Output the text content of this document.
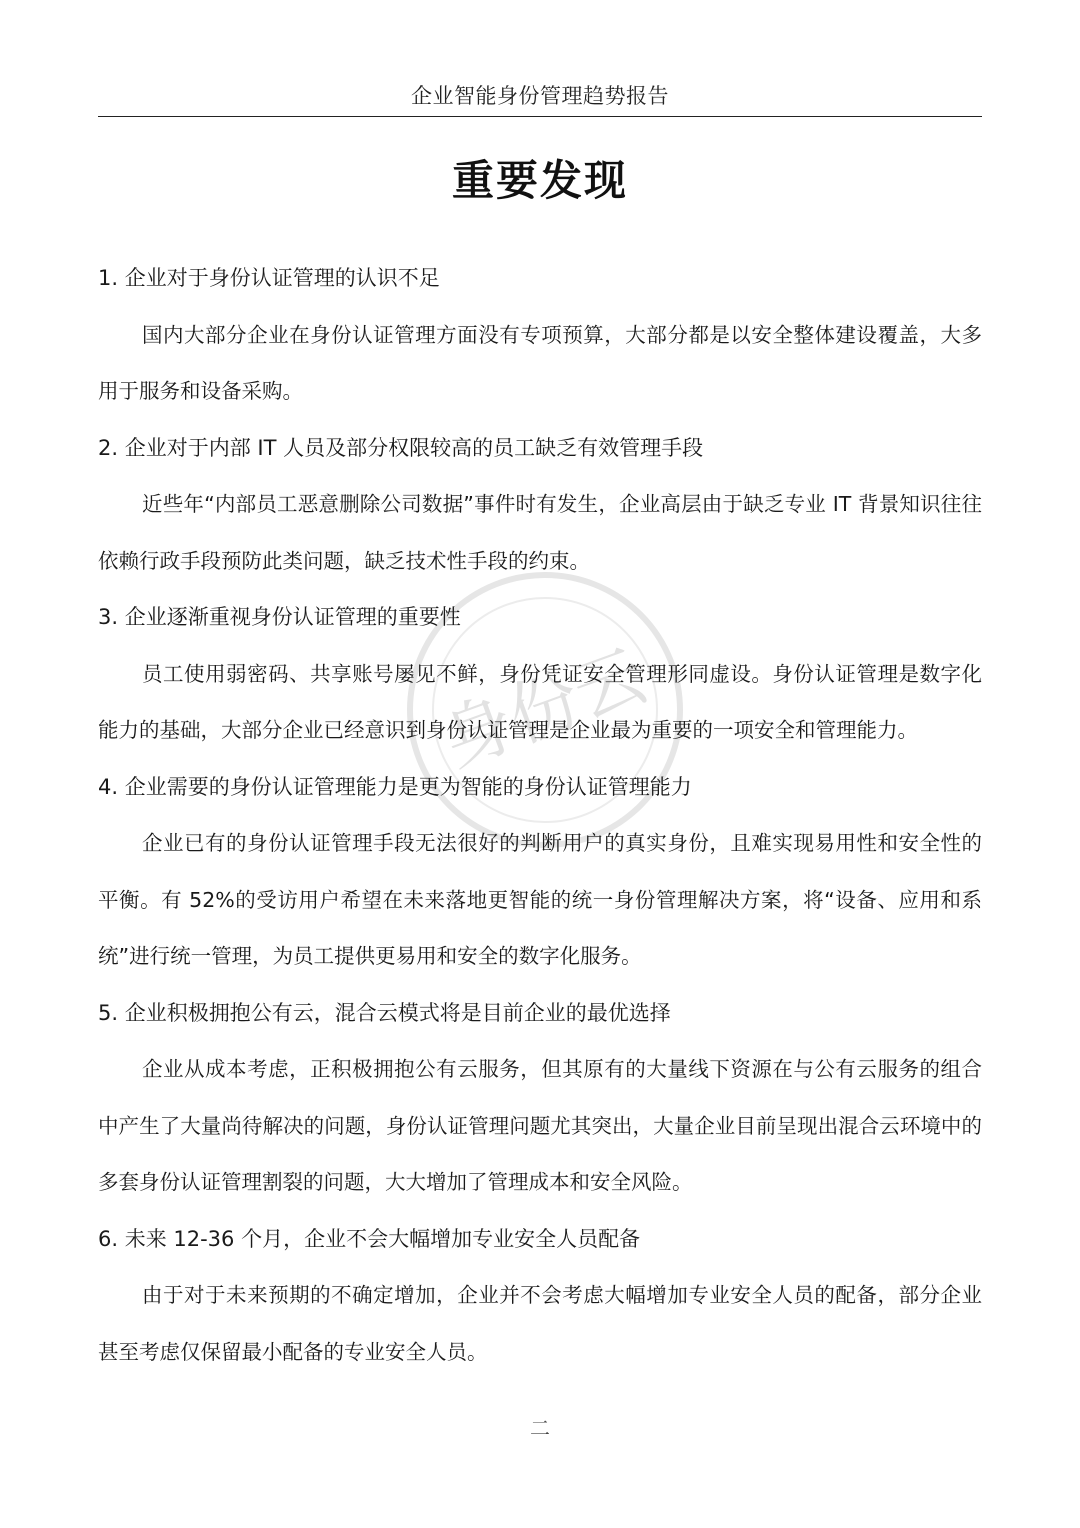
企业智能身份管理趋势报告
重要发现
身份云
1. 企业对于身份认证管理的认识不足

国内大部分企业在身份认证管理方面没有专项预算，大部分都是以安全整体建设覆盖，大多用于服务和设备采购。

2. 企业对于内部 IT 人员及部分权限较高的员工缺乏有效管理手段

近些年“内部员工恶意删除公司数据”事件时有发生，企业高层由于缺乏专业 IT 背景知识往往依赖行政手段预防此类问题，缺乏技术性手段的约束。

3. 企业逐渐重视身份认证管理的重要性

员工使用弱密码、共享账号屡见不鲜，身份凭证安全管理形同虚设。身份认证管理是数字化能力的基础，大部分企业已经意识到身份认证管理是企业最为重要的一项安全和管理能力。

4. 企业需要的身份认证管理能力是更为智能的身份认证管理能力

企业已有的身份认证管理手段无法很好的判断用户的真实身份，且难实现易用性和安全性的平衡。有 52%的受访用户希望在未来落地更智能的统一身份管理解决方案，将“设备、应用和系统”进行统一管理，为员工提供更易用和安全的数字化服务。

5. 企业积极拥抱公有云，混合云模式将是目前企业的最优选择

企业从成本考虑，正积极拥抱公有云服务，但其原有的大量线下资源在与公有云服务的组合中产生了大量尚待解决的问题，身份认证管理问题尤其突出，大量企业目前呈现出混合云环境中的多套身份认证管理割裂的问题，大大增加了管理成本和安全风险。

6. 未来 12-36 个月，企业不会大幅增加专业安全人员配备

由于对于未来预期的不确定增加，企业并不会考虑大幅增加专业安全人员的配备，部分企业甚至考虑仅保留最小配备的专业安全人员。

二
